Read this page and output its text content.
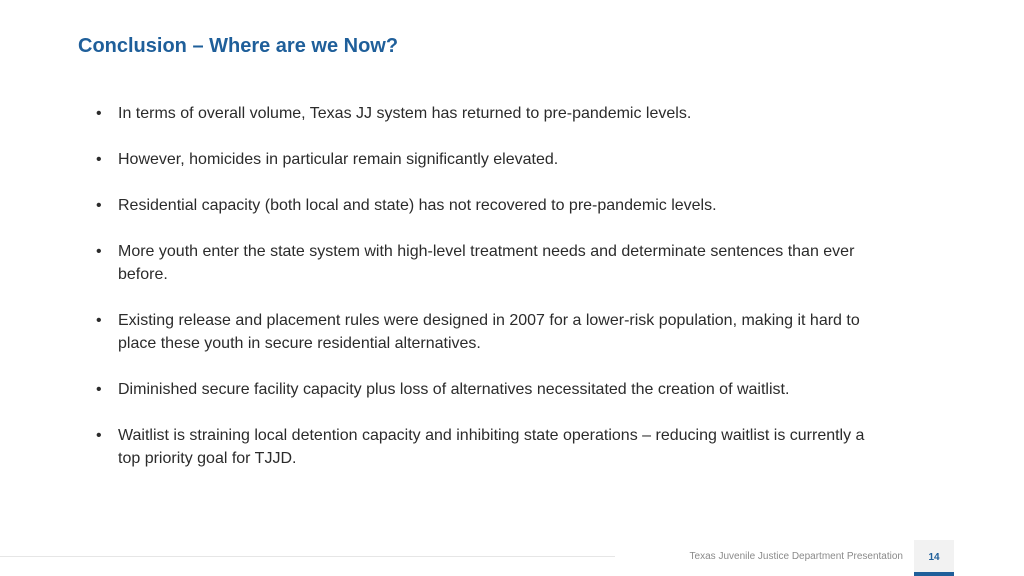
Conclusion – Where are we Now?
• In terms of overall volume, Texas JJ system has returned to pre-pandemic levels.
• However, homicides in particular remain significantly elevated.
• Residential capacity (both local and state) has not recovered to pre-pandemic levels.
• More youth enter the state system with high-level treatment needs and determinate sentences than ever before.
• Existing release and placement rules were designed in 2007 for a lower-risk population, making it hard to place these youth in secure residential alternatives.
• Diminished secure facility capacity plus loss of alternatives necessitated the creation of waitlist.
• Waitlist is straining local detention capacity and inhibiting state operations – reducing waitlist is currently a top priority goal for TJJD.
Texas Juvenile Justice Department Presentation	14
